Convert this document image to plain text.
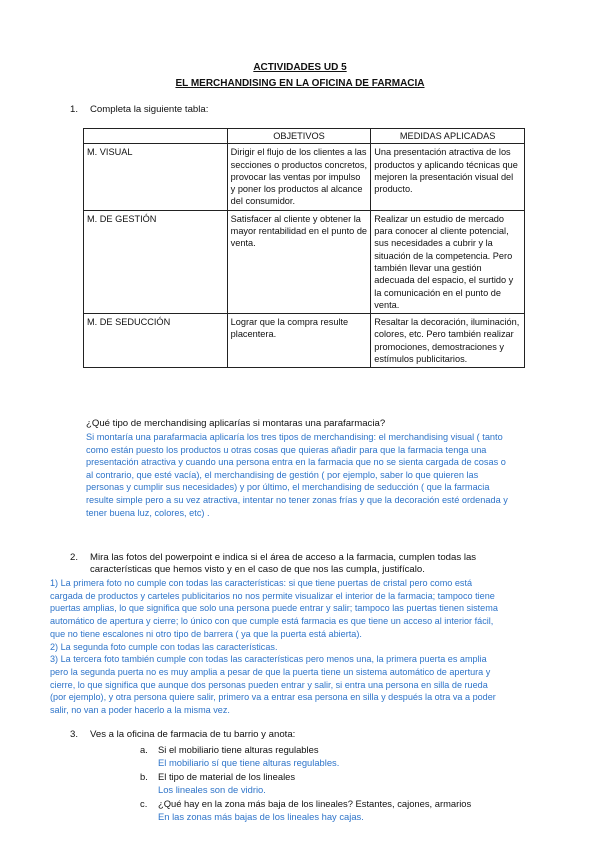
ACTIVIDADES UD 5
EL MERCHANDISING EN LA OFICINA DE FARMACIA
1. Completa la siguiente tabla:
	OBJETIVOS	MEDIDAS APLICADAS
M. VISUAL	Dirigir el flujo de los clientes a las secciones o productos concretos, provocar las ventas por impulso y poner los productos al alcance del consumidor.	Una presentación atractiva de los productos y aplicando técnicas que mejoren la presentación visual del producto.
M. DE GESTIÓN	Satisfacer al cliente y obtener la mayor rentabilidad en el punto de venta.	Realizar un estudio de mercado para conocer al cliente potencial, sus necesidades a cubrir y la situación de la competencia. Pero también llevar una gestión adecuada del espacio, el surtido y la comunicación en el punto de venta.
M. DE SEDUCCIÓN	Lograr que la compra resulte placentera.	Resaltar la decoración, iluminación, colores, etc. Pero también realizar promociones, demostraciones y estímulos publicitarios.
¿Qué tipo de merchandising aplicarías si montaras una parafarmacia?
Si montaría una parafarmacia aplicaría los tres tipos de merchandising: el merchandising visual ( tanto
como están puesto los productos u otras cosas que quieras añadir para que la farmacia tenga una
presentación atractiva y cuando una persona entra en la farmacia que no se sienta cargada de cosas o
al contrario, que esté vacía), el merchandising de gestión ( por ejemplo, saber lo que quieren las
personas y cumplir sus necesidades) y por último, el merchandising de seducción ( que la farmacia
resulte simple pero a su vez atractiva, intentar no tener zonas frías y que la decoración esté ordenada y
tener buena luz, colores, etc) .
2. Mira las fotos del powerpoint e indica si el área de acceso a la farmacia, cumplen todas las
características que hemos visto y en el caso de que nos las cumpla, justifícalo.
1) La primera foto no cumple con todas las características: si que tiene puertas de cristal pero como está
cargada de productos y carteles publicitarios no nos permite visualizar el interior de la farmacia; tampoco tiene
puertas amplias, lo que significa que solo una persona puede entrar y salir; tampoco las puertas tienen sistema
automático de apertura y cierre; lo único con que cumple está farmacia es que tiene un acceso al interior fácil,
que no tiene escalones ni otro tipo de barrera ( ya que la puerta está abierta).
2) La segunda foto cumple con todas las características.
3) La tercera foto también cumple con todas las características pero menos una, la primera puerta es amplia
pero la segunda puerta no es muy amplia a pesar de que la puerta tiene un sistema automático de apertura y
cierre, lo que significa que aunque dos personas pueden entrar y salir, si entra una persona en silla de rueda
(por ejemplo), y otra persona quiere salir, primero va a entrar esa persona en silla y después la otra va a poder
salir, no van a poder hacerlo a la misma vez.
3. Ves a la oficina de farmacia de tu barrio y anota:
a. Si el mobiliario tiene alturas regulables
El mobiliario sí que tiene alturas regulables.
b. El tipo de material de los lineales
Los lineales son de vidrio.
c. ¿Qué hay en la zona más baja de los lineales? Estantes, cajones, armarios
En las zonas más bajas de los lineales hay cajas.
